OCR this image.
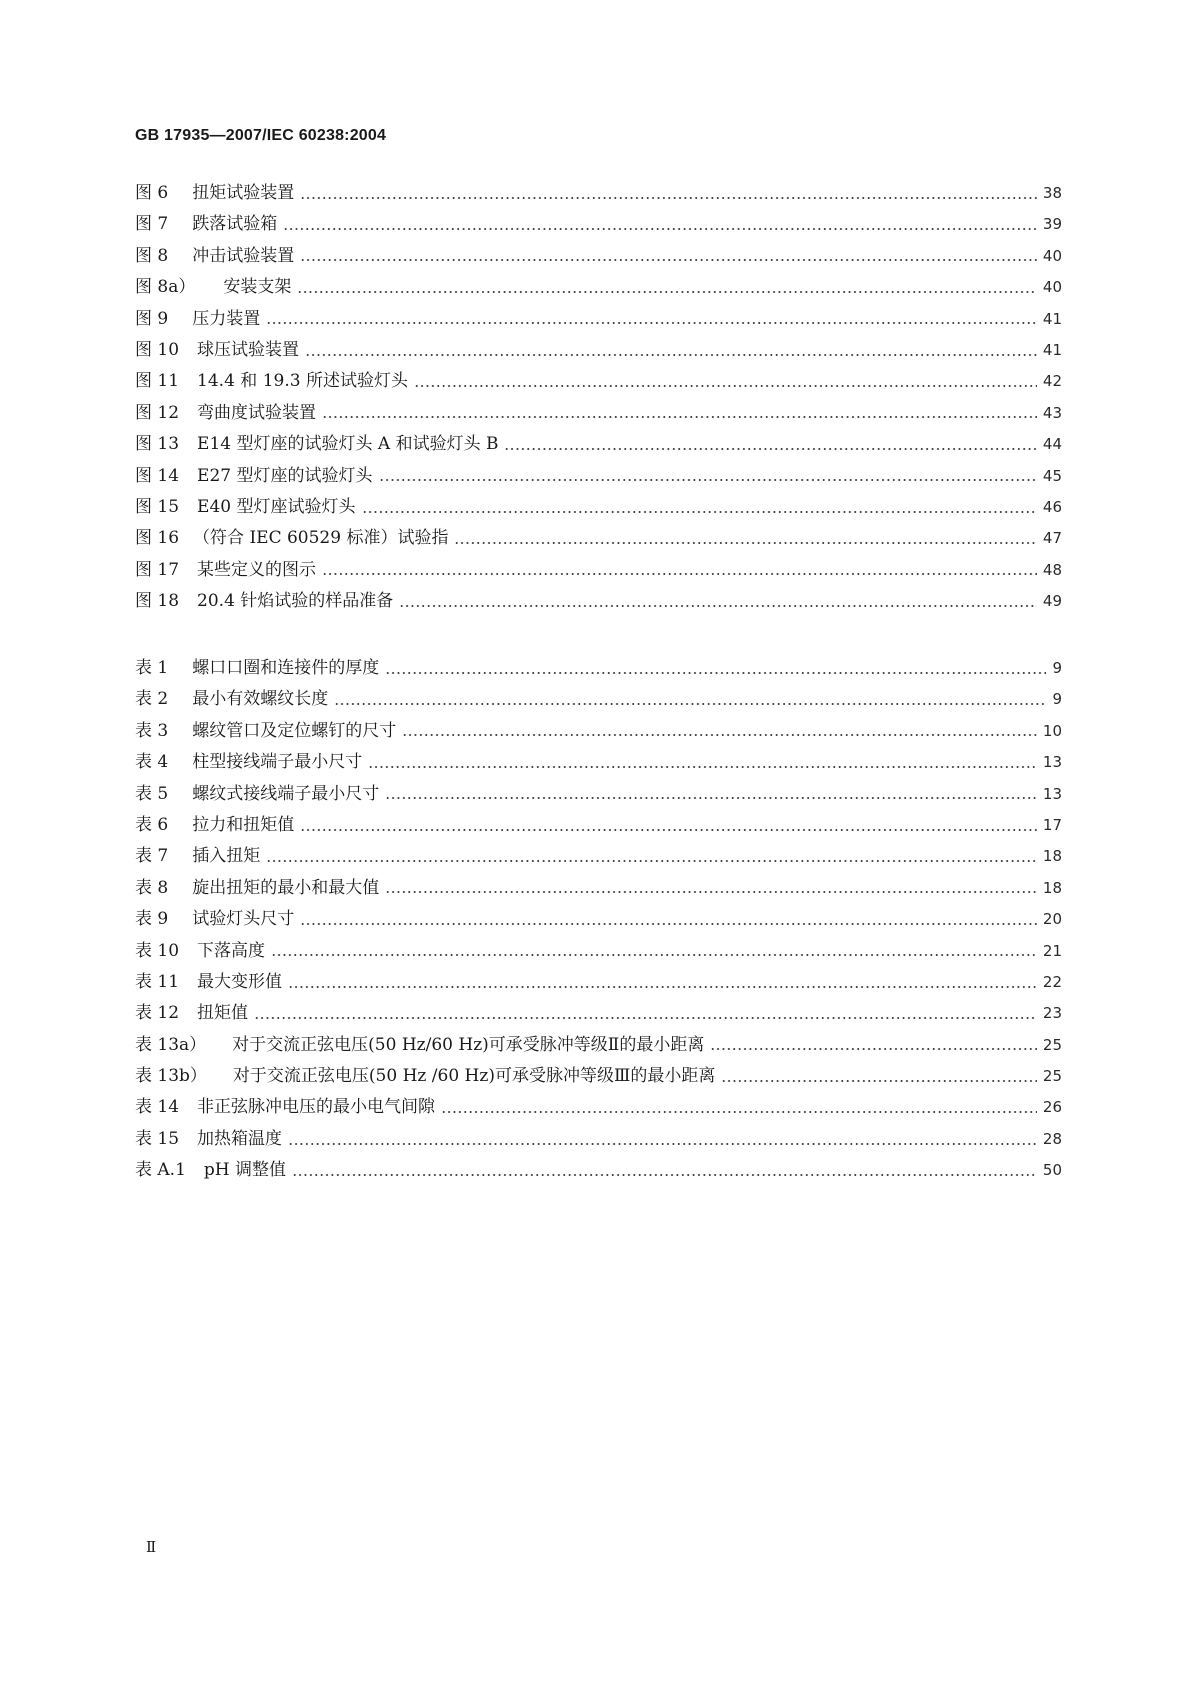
GB 17935—2007/IEC 60238:2004
图 6 扭矩试验装置	38
图 7 跌落试验箱	39
图 8 冲击试验装置	40
图 8a） 安装支架	40
图 9 压力装置	41
图 10 球压试验装置	41
图 11 14.4 和 19.3 所述试验灯头	42
图 12 弯曲度试验装置	43
图 13 E14 型灯座的试验灯头 A 和试验灯头 B	44
图 14 E27 型灯座的试验灯头	45
图 15 E40 型灯座试验灯头	46
图 16 （符合 IEC 60529 标准）试验指	47
图 17 某些定义的图示	48
图 18 20.4 针焰试验的样品准备	49
表 1 螺口口圈和连接件的厚度	9
表 2 最小有效螺纹长度	9
表 3 螺纹管口及定位螺钉的尺寸	10
表 4 柱型接线端子最小尺寸	13
表 5 螺纹式接线端子最小尺寸	13
表 6 拉力和扭矩值	17
表 7 插入扭矩	18
表 8 旋出扭矩的最小和最大值	18
表 9 试验灯头尺寸	20
表 10 下落高度	21
表 11 最大变形值	22
表 12 扭矩值	23
表 13a） 对于交流正弦电压(50 Hz/60 Hz)可承受脉冲等级Ⅱ的最小距离	25
表 13b） 对于交流正弦电压(50 Hz /60 Hz)可承受脉冲等级Ⅲ的最小距离	25
表 14 非正弦脉冲电压的最小电气间隙	26
表 15 加热箱温度	28
表 A.1 pH 调整值	50
Ⅱ
